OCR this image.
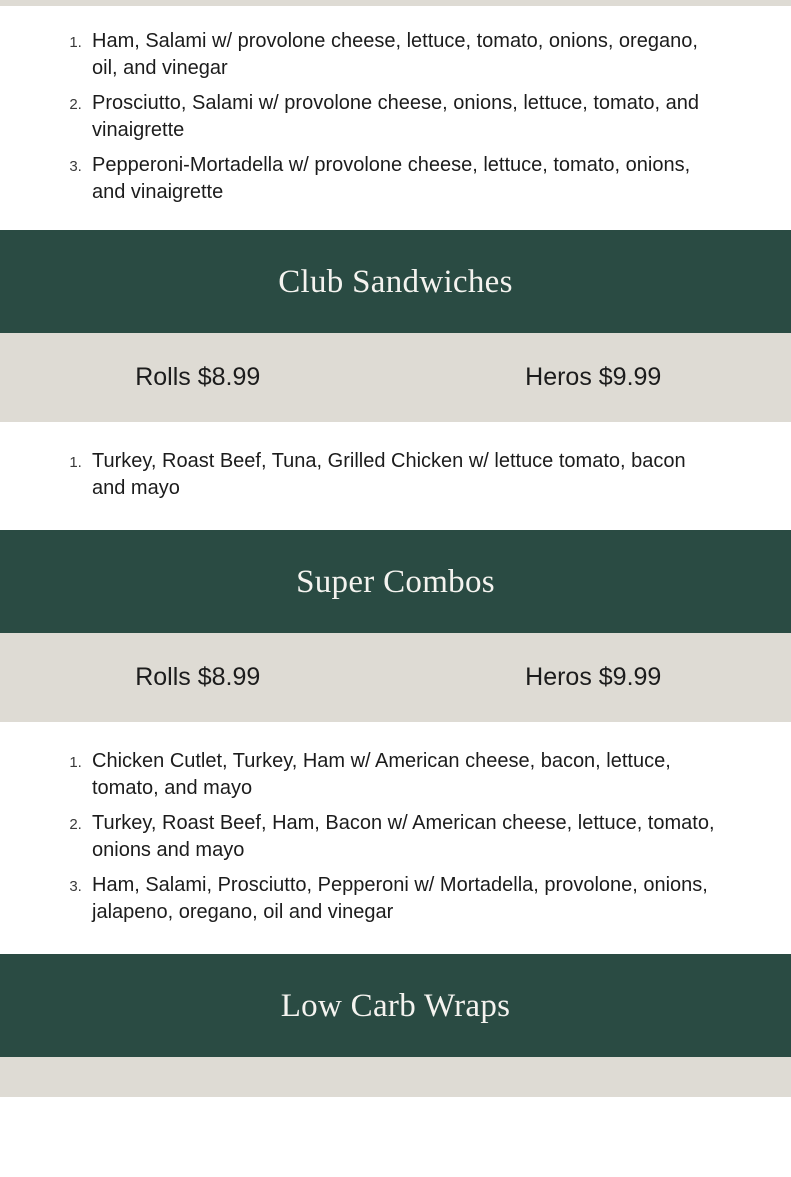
1. Ham, Salami w/ provolone cheese, lettuce, tomato, onions, oregano, oil, and vinegar
2. Prosciutto, Salami w/ provolone cheese, onions, lettuce, tomato, and vinaigrette
3. Pepperoni-Mortadella w/ provolone cheese, lettuce, tomato, onions, and vinaigrette
Club Sandwiches
Rolls $8.99	Heros $9.99
1. Turkey, Roast Beef, Tuna, Grilled Chicken w/ lettuce tomato, bacon and mayo
Super Combos
Rolls $8.99	Heros $9.99
1. Chicken Cutlet, Turkey, Ham w/ American cheese, bacon, lettuce, tomato, and mayo
2. Turkey, Roast Beef, Ham, Bacon w/ American cheese, lettuce, tomato, onions and mayo
3. Ham, Salami, Prosciutto, Pepperoni w/ Mortadella, provolone, onions, jalapeno, oregano, oil and vinegar
Low Carb Wraps
